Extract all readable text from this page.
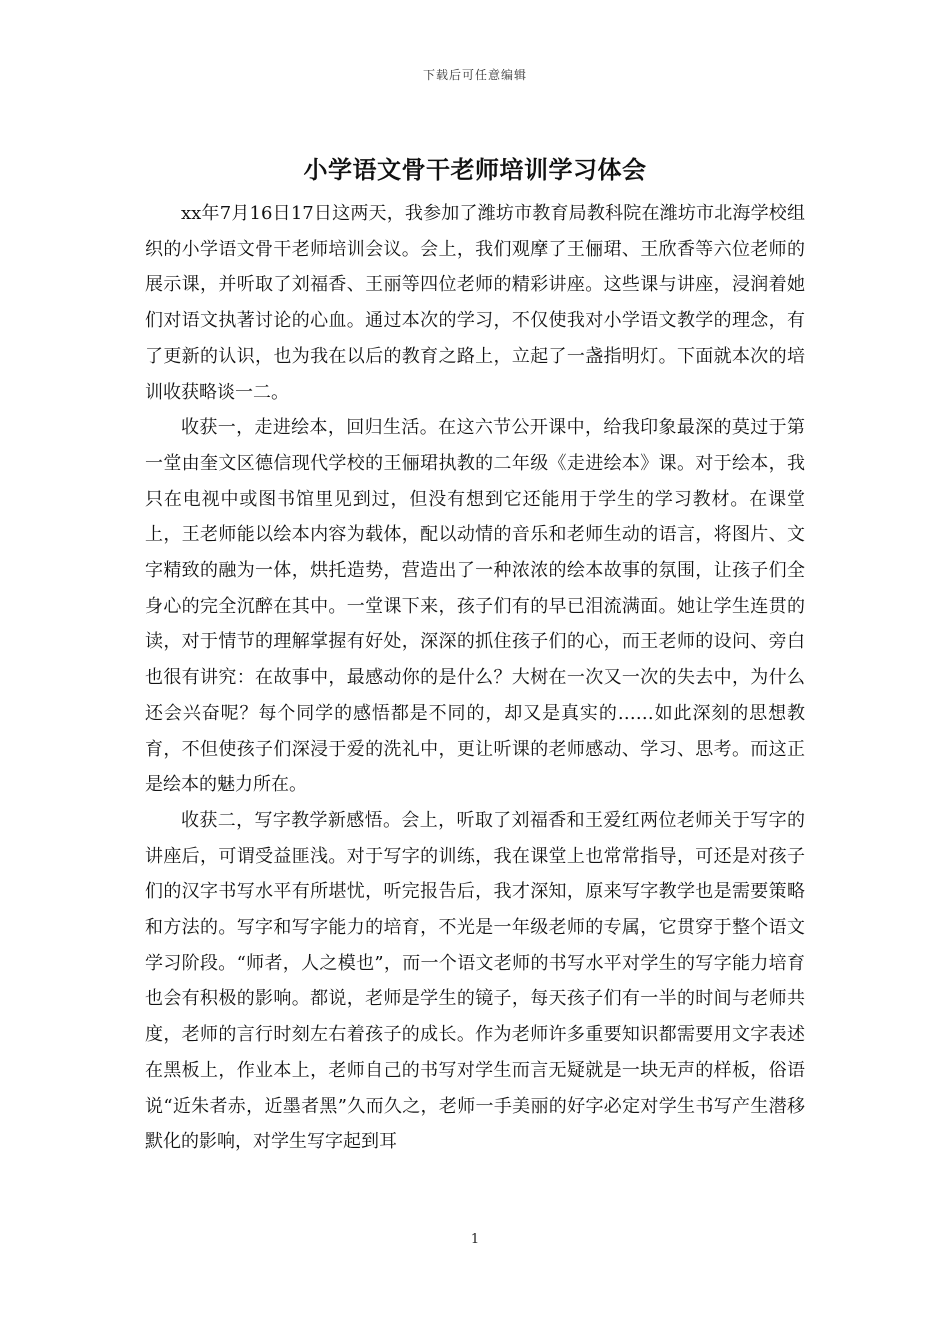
下载后可任意编辑
小学语文骨干老师培训学习体会

xx年7月16日17日这两天，我参加了潍坊市教育局教科院在潍坊市北海学校组织的小学语文骨干老师培训会议。会上，我们观摩了王俪珺、王欣香等六位老师的展示课，并听取了刘福香、王丽等四位老师的精彩讲座。这些课与讲座，浸润着她们对语文执著讨论的心血。通过本次的学习，不仅使我对小学语文教学的理念，有了更新的认识，也为我在以后的教育之路上，立起了一盏指明灯。下面就本次的培训收获略谈一二。

收获一，走进绘本，回归生活。在这六节公开课中，给我印象最深的莫过于第一堂由奎文区德信现代学校的王俪珺执教的二年级《走进绘本》课。对于绘本，我只在电视中或图书馆里见到过，但没有想到它还能用于学生的学习教材。在课堂上，王老师能以绘本内容为载体，配以动情的音乐和老师生动的语言，将图片、文字精致的融为一体，烘托造势，营造出了一种浓浓的绘本故事的氛围，让孩子们全身心的完全沉醉在其中。一堂课下来，孩子们有的早已泪流满面。她让学生连贯的读，对于情节的理解掌握有好处，深深的抓住孩子们的心，而王老师的设问、旁白也很有讲究：在故事中，最感动你的是什么？大树在一次又一次的失去中，为什么还会兴奋呢？每个同学的感悟都是不同的，却又是真实的……如此深刻的思想教育，不但使孩子们深浸于爱的洗礼中，更让听课的老师感动、学习、思考。而这正是绘本的魅力所在。

收获二，写字教学新感悟。会上，听取了刘福香和王爱红两位老师关于写字的讲座后，可谓受益匪浅。对于写字的训练，我在课堂上也常常指导，可还是对孩子们的汉字书写水平有所堪忧，听完报告后，我才深知，原来写字教学也是需要策略和方法的。写字和写字能力的培育，不光是一年级老师的专属，它贯穿于整个语文学习阶段。“师者，人之模也”，而一个语文老师的书写水平对学生的写字能力培育也会有积极的影响。都说，老师是学生的镜子，每天孩子们有一半的时间与老师共度，老师的言行时刻左右着孩子的成长。作为老师许多重要知识都需要用文字表述在黑板上，作业本上，老师自己的书写对学生而言无疑就是一块无声的样板，俗语说“近朱者赤，近墨者黑”久而久之，老师一手美丽的好字必定对学生书写产生潜移默化的影响，对学生写字起到耳

1
